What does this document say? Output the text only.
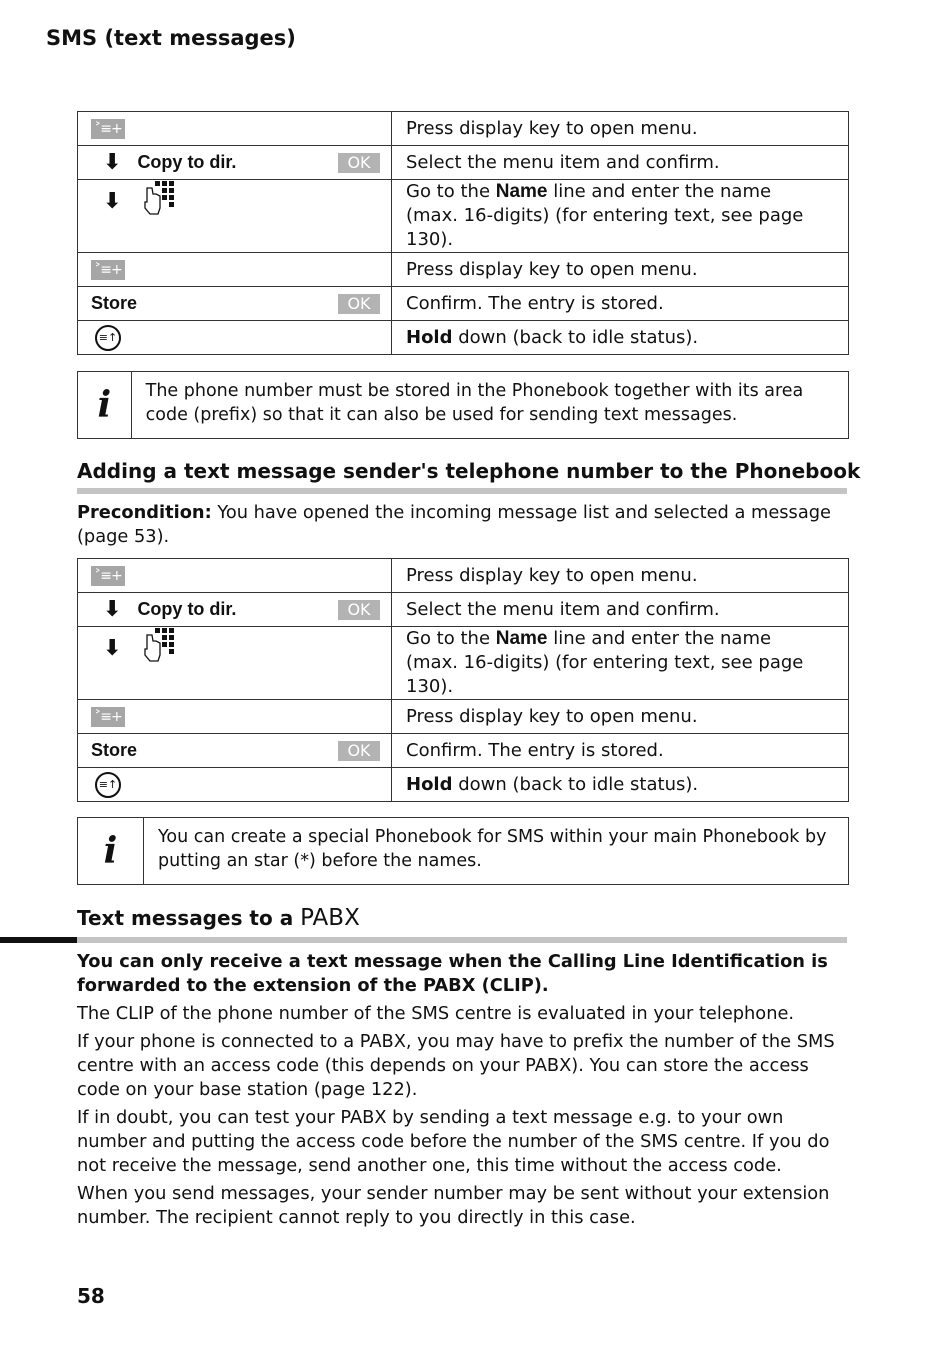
SMS (text messages)
˃≡+	Press display key to open menu.
⬇ Copy to dir. OK	Select the menu item and confirm.
⬇	Go to the Name line and enter the name
(max. 16-digits) (for entering text, see page 130).
˃≡+	Press display key to open menu.
Store OK	Confirm. The entry is stored.
≡↑	Hold down (back to idle status).
i	The phone number must be stored in the Phonebook together with its area code (prefix) so that it can also be used for sending text messages.
Adding a text message sender's telephone number to the Phonebook
Precondition: You have opened the incoming message list and selected a message (page 53).
˃≡+	Press display key to open menu.
⬇ Copy to dir. OK	Select the menu item and confirm.
⬇	Go to the Name line and enter the name
(max. 16-digits) (for entering text, see page 130).
˃≡+	Press display key to open menu.
Store OK	Confirm. The entry is stored.
≡↑	Hold down (back to idle status).
i	You can create a special Phonebook for SMS within your main Phonebook by putting an star (*) before the names.
Text messages to a PABX
You can only receive a text message when the Calling Line Identification is forwarded to the extension of the PABX (CLIP).
The CLIP of the phone number of the SMS centre is evaluated in your telephone.
If your phone is connected to a PABX, you may have to prefix the number of the SMS centre with an access code (this depends on your PABX). You can store the access code on your base station (page 122).
If in doubt, you can test your PABX by sending a text message e.g. to your own number and putting the access code before the number of the SMS centre. If you do not receive the message, send another one, this time without the access code.
When you send messages, your sender number may be sent without your extension number. The recipient cannot reply to you directly in this case.
58
